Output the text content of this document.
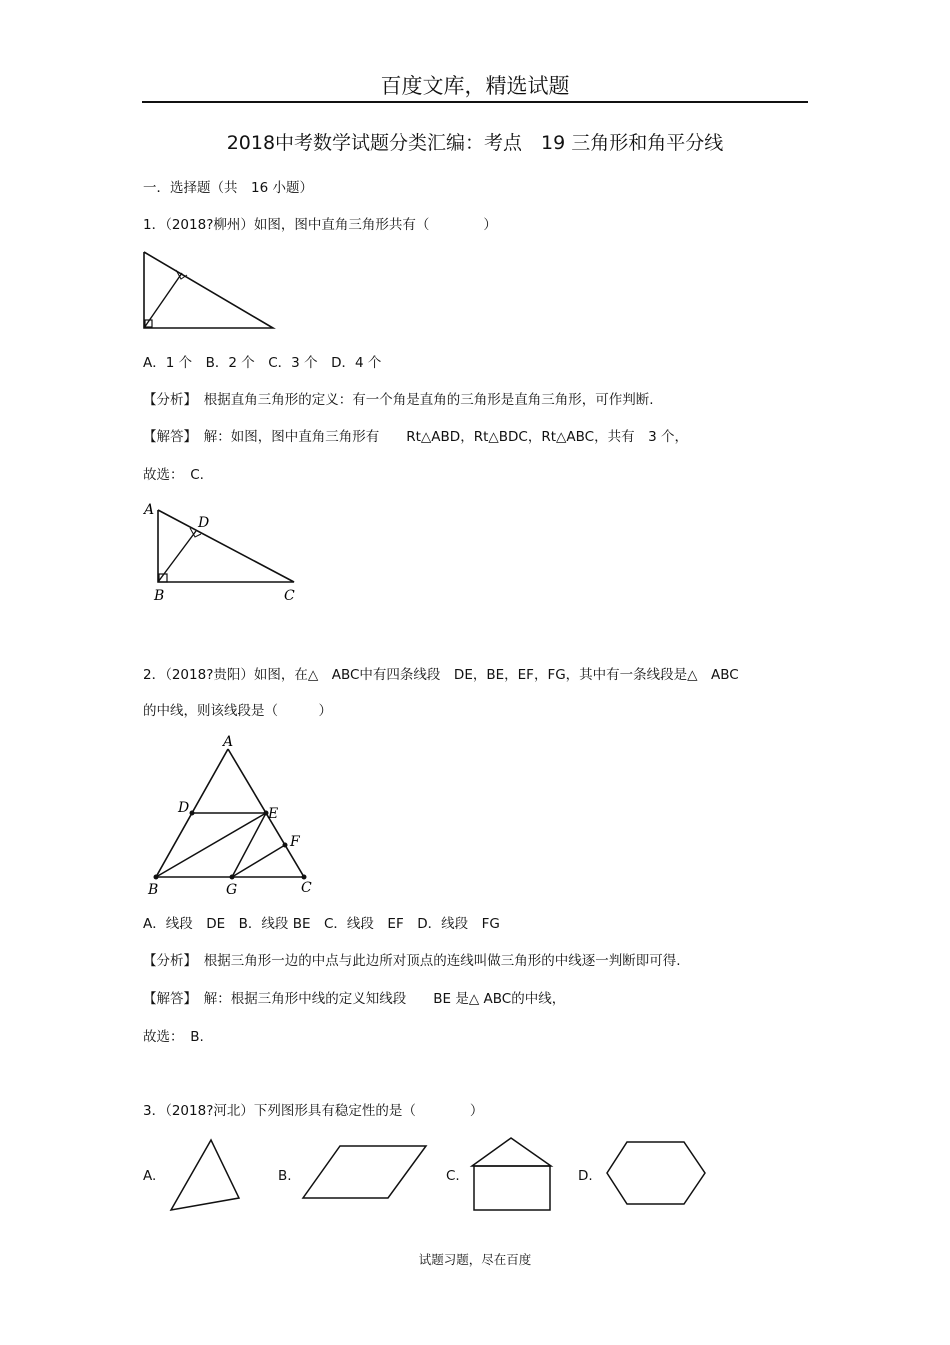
百度文库，精选试题
2018中考数学试题分类汇编：考点　19 三角形和角平分线
一．选择题（共　16 小题）
1．（2018?柳州）如图，图中直角三角形共有（　　　　）
A．1 个　B．2 个　C．3 个　D．4 个
【分析】　根据直角三角形的定义：有一个角是直角的三角形是直角三角形，可作判断.
【解答】　解：如图，图中直角三角形有　　Rt△ABD，Rt△BDC，Rt△ABC，共有　3 个，
故选：　C.
A
D
B	C
2．（2018?贵阳）如图，在△　ABC中有四条线段　DE，BE，EF，FG，其中有一条线段是△　ABC
的中线，则该线段是（　　　）
A
D	E
F
B	G	C
A．线段　DE　B．线段 BE　C．线段　EF　D．线段　FG
【分析】　根据三角形一边的中点与此边所对顶点的连线叫做三角形的中线逐一判断即可得.
【解答】　解：根据三角形中线的定义知线段　　BE 是△ ABC的中线，
故选：　B.
3．（2018?河北）下列图形具有稳定性的是（　　　　）
A.	B.	C.	D.
试题习题，尽在百度
